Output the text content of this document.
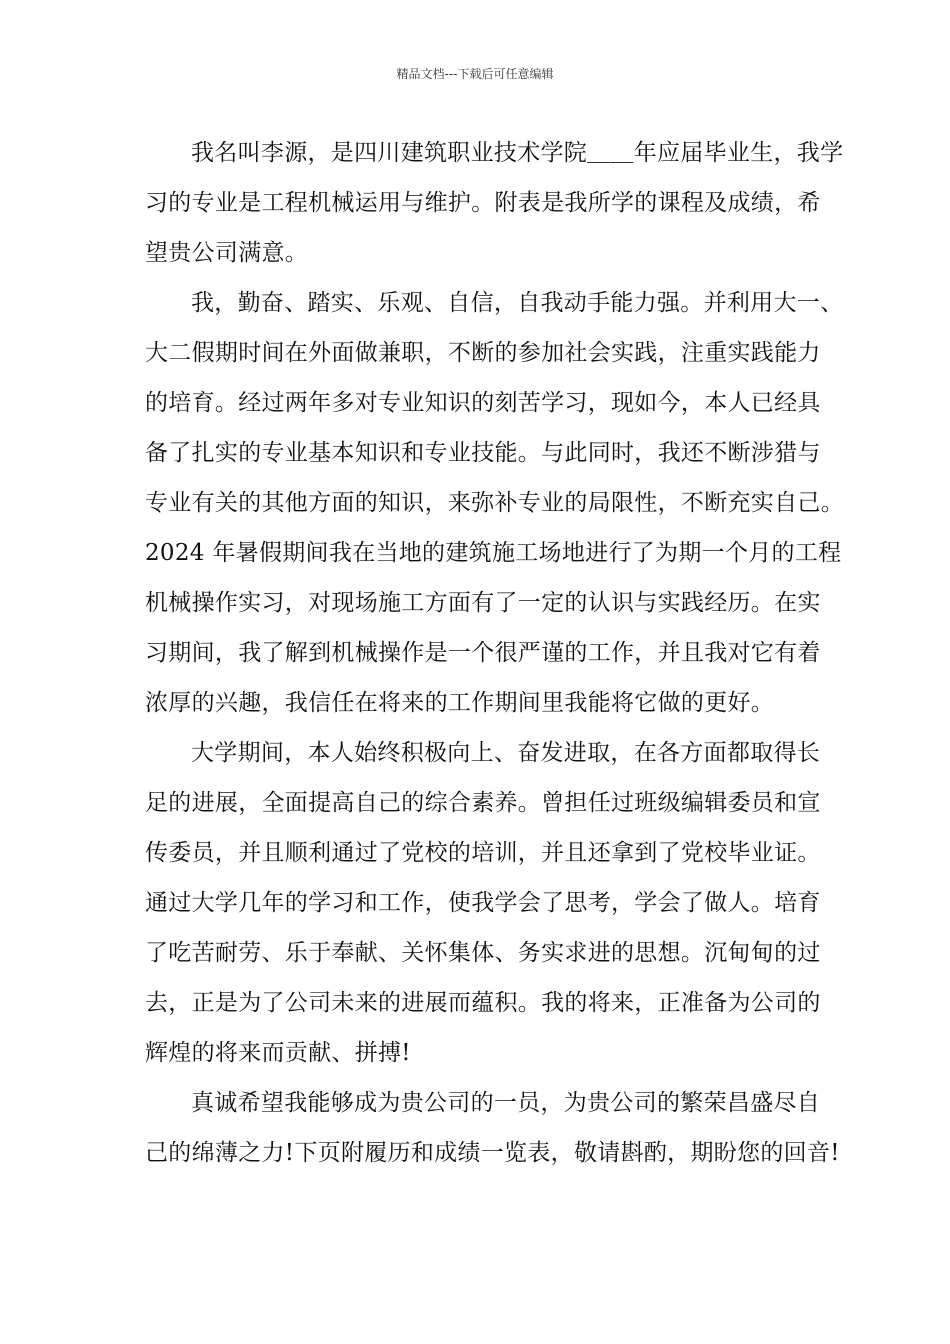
精品文档---下载后可任意编辑
我名叫李源，是四川建筑职业技术学院＿＿年应届毕业生，我学
习的专业是工程机械运用与维护。附表是我所学的课程及成绩，希
望贵公司满意。
我，勤奋、踏实、乐观、自信，自我动手能力强。并利用大一、
大二假期时间在外面做兼职，不断的参加社会实践，注重实践能力
的培育。经过两年多对专业知识的刻苦学习，现如今，本人已经具
备了扎实的专业基本知识和专业技能。与此同时，我还不断涉猎与
专业有关的其他方面的知识，来弥补专业的局限性，不断充实自己。
2024 年暑假期间我在当地的建筑施工场地进行了为期一个月的工程
机械操作实习，对现场施工方面有了一定的认识与实践经历。在实
习期间，我了解到机械操作是一个很严谨的工作，并且我对它有着
浓厚的兴趣，我信任在将来的工作期间里我能将它做的更好。
大学期间，本人始终积极向上、奋发进取，在各方面都取得长
足的进展，全面提高自己的综合素养。曾担任过班级编辑委员和宣
传委员，并且顺利通过了党校的培训，并且还拿到了党校毕业证。
通过大学几年的学习和工作，使我学会了思考，学会了做人。培育
了吃苦耐劳、乐于奉献、关怀集体、务实求进的思想。沉甸甸的过
去，正是为了公司未来的进展而蕴积。我的将来，正准备为公司的
辉煌的将来而贡献、拼搏!
真诚希望我能够成为贵公司的一员，为贵公司的繁荣昌盛尽自
己的绵薄之力!下页附履历和成绩一览表，敬请斟酌，期盼您的回音!
